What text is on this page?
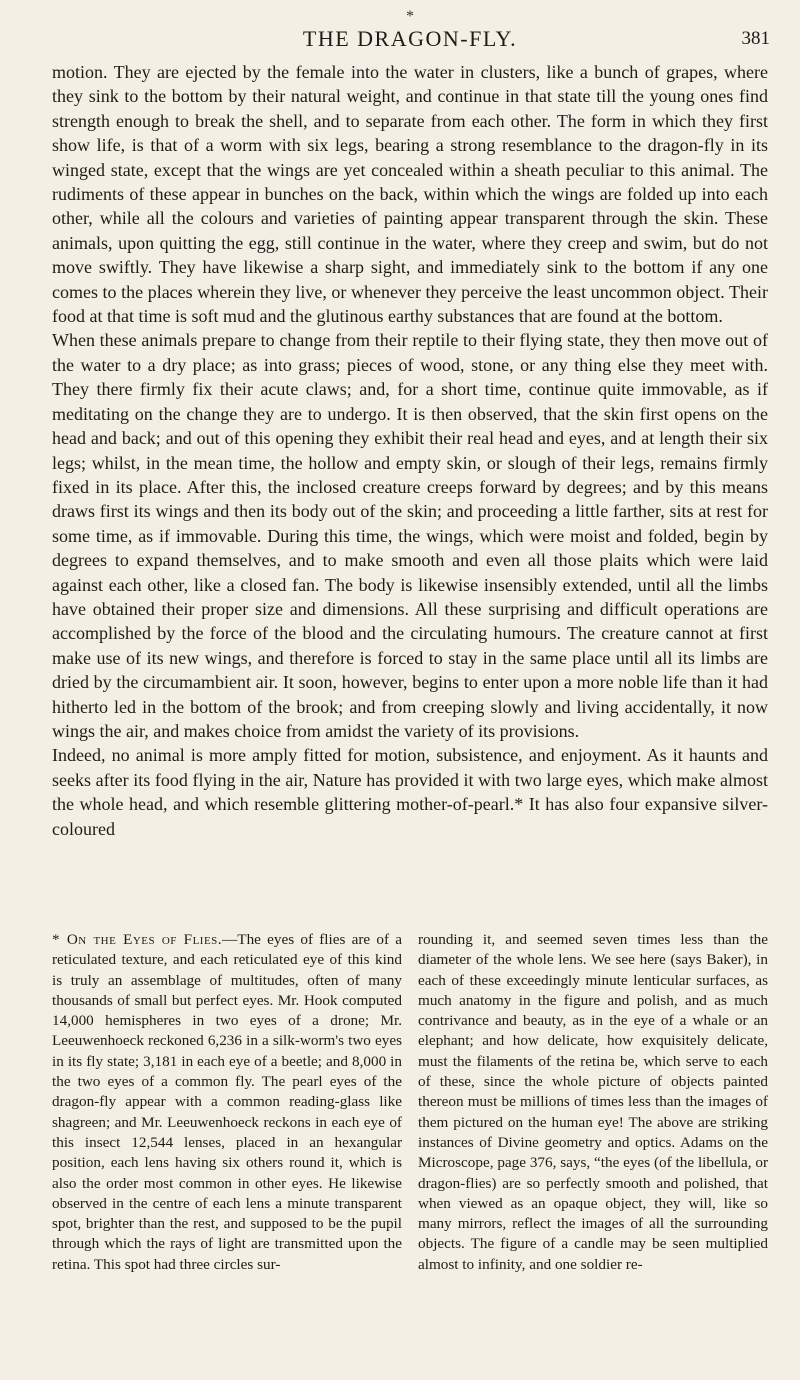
*
THE DRAGON-FLY.	381

motion. They are ejected by the female into the water in clusters, like a bunch of grapes, where they sink to the bottom by their natural weight, and continue in that state till the young ones find strength enough to break the shell, and to separate from each other. The form in which they first show life, is that of a worm with six legs, bearing a strong resemblance to the dragon-fly in its winged state, except that the wings are yet concealed within a sheath peculiar to this animal. The rudiments of these appear in bunches on the back, within which the wings are folded up into each other, while all the colours and varieties of painting appear transparent through the skin. These animals, upon quitting the egg, still continue in the water, where they creep and swim, but do not move swiftly. They have likewise a sharp sight, and immediately sink to the bottom if any one comes to the places wherein they live, or whenever they perceive the least uncommon object. Their food at that time is soft mud and the glutinous earthy substances that are found at the bottom.

When these animals prepare to change from their reptile to their flying state, they then move out of the water to a dry place; as into grass; pieces of wood, stone, or any thing else they meet with. They there firmly fix their acute claws; and, for a short time, continue quite immovable, as if meditating on the change they are to undergo. It is then observed, that the skin first opens on the head and back; and out of this opening they exhibit their real head and eyes, and at length their six legs; whilst, in the mean time, the hollow and empty skin, or slough of their legs, remains firmly fixed in its place. After this, the inclosed creature creeps forward by degrees; and by this means draws first its wings and then its body out of the skin; and proceeding a little farther, sits at rest for some time, as if immovable. During this time, the wings, which were moist and folded, begin by degrees to expand themselves, and to make smooth and even all those plaits which were laid against each other, like a closed fan. The body is likewise insensibly extended, until all the limbs have obtained their proper size and dimensions. All these surprising and difficult operations are accomplished by the force of the blood and the circulating humours. The creature cannot at first make use of its new wings, and therefore is forced to stay in the same place until all its limbs are dried by the circumambient air. It soon, however, begins to enter upon a more noble life than it had hitherto led in the bottom of the brook; and from creeping slowly and living accidentally, it now wings the air, and makes choice from amidst the variety of its provisions.

Indeed, no animal is more amply fitted for motion, subsistence, and enjoyment. As it haunts and seeks after its food flying in the air, Nature has provided it with two large eyes, which make almost the whole head, and which resemble glittering mother-of-pearl.* It has also four expansive silver-coloured

* On the Eyes of Flies.—The eyes of flies are of a reticulated texture, and each reticulated eye of this kind is truly an assemblage of multitudes, often of many thousands of small but perfect eyes. Mr. Hook computed 14,000 hemispheres in two eyes of a drone; Mr. Leeuwenhoeck reckoned 6,236 in a silk-worm's two eyes in its fly state; 3,181 in each eye of a beetle; and 8,000 in the two eyes of a common fly. The pearl eyes of the dragon-fly appear with a common reading-glass like shagreen; and Mr. Leeuwenhoeck reckons in each eye of this insect 12,544 lenses, placed in an hexangular position, each lens having six others round it, which is also the order most common in other eyes. He likewise observed in the centre of each lens a minute transparent spot, brighter than the rest, and supposed to be the pupil through which the rays of light are transmitted upon the retina. This spot had three circles sur-
rounding it, and seemed seven times less than the diameter of the whole lens. We see here (says Baker), in each of these exceedingly minute lenticular surfaces, as much anatomy in the figure and polish, and as much contrivance and beauty, as in the eye of a whale or an elephant; and how delicate, how exquisitely delicate, must the filaments of the retina be, which serve to each of these, since the whole picture of objects painted thereon must be millions of times less than the images of them pictured on the human eye! The above are striking instances of Divine geometry and optics. Adams on the Microscope, page 376, says, “the eyes (of the libellula, or dragon-flies) are so perfectly smooth and polished, that when viewed as an opaque object, they will, like so many mirrors, reflect the images of all the surrounding objects. The figure of a candle may be seen multiplied almost to infinity, and one soldier re-
